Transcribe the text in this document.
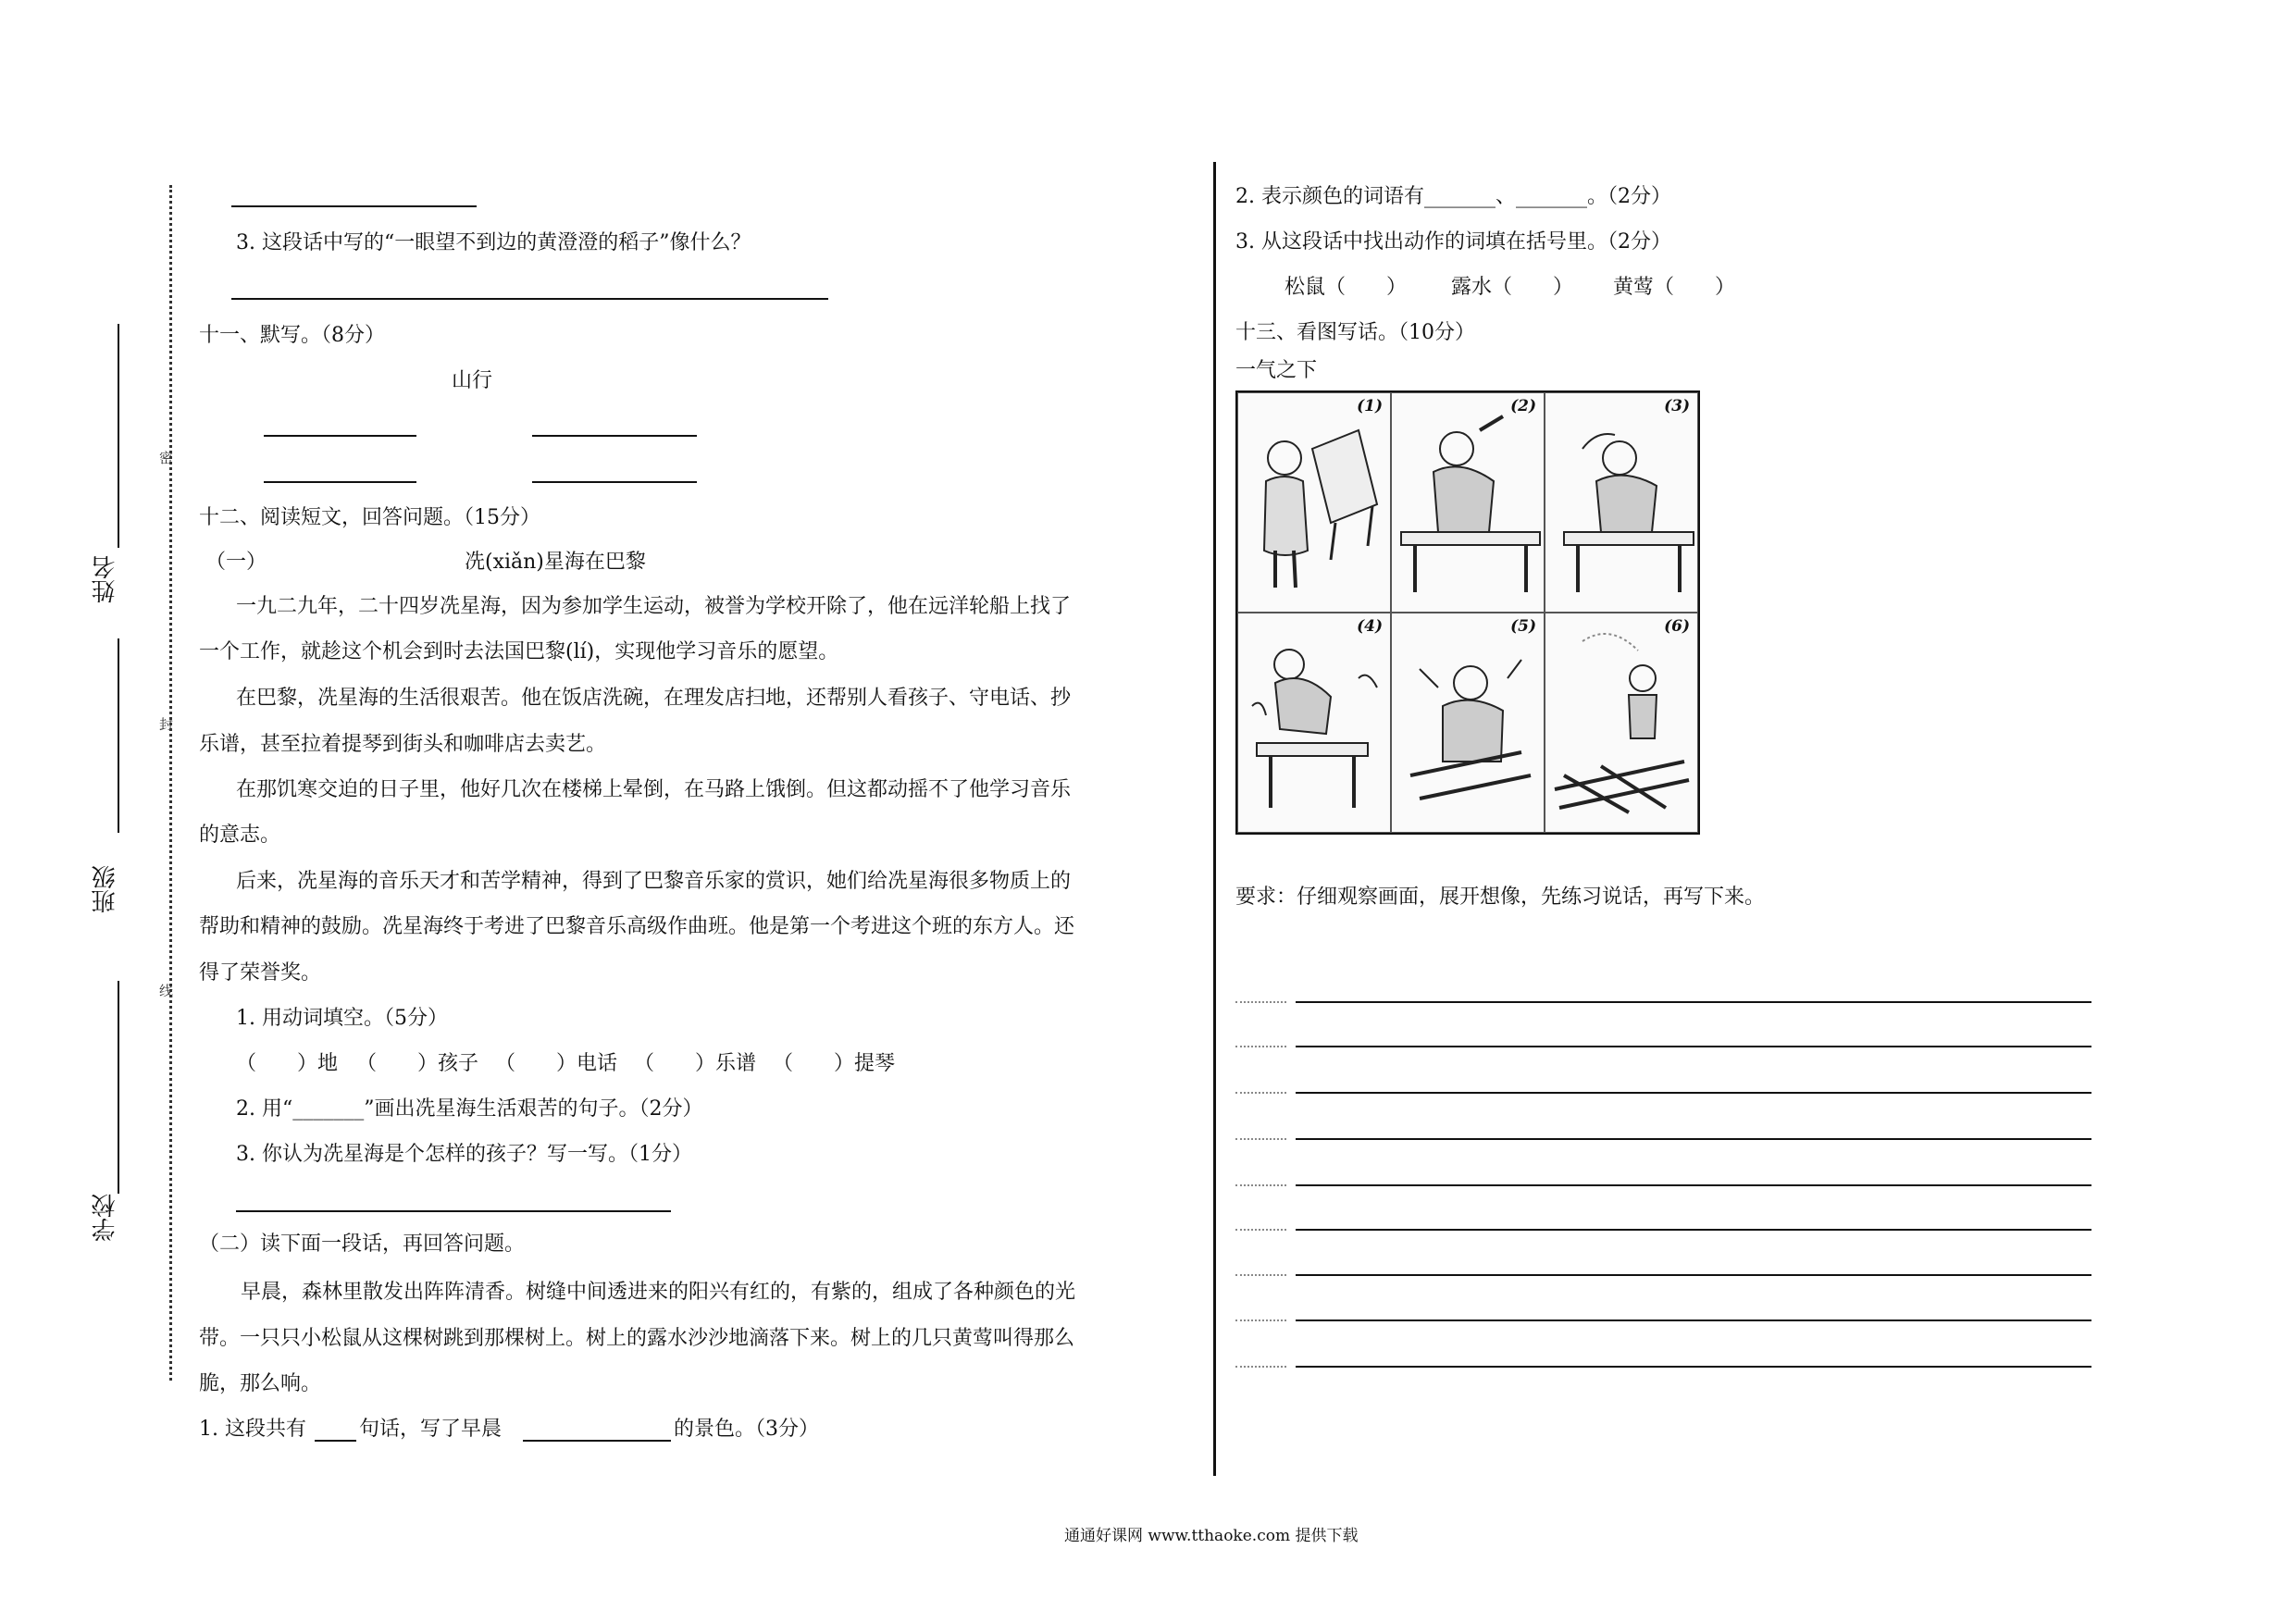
姓名
班级
学校
密
封
线
3. 这段话中写的“一眼望不到边的黄澄澄的稻子”像什么？
十一、默写。（8分）
山行
十二、阅读短文，回答问题。（15分）
（一）	冼(xiǎn)星海在巴黎
一九二九年，二十四岁冼星海，因为参加学生运动，被誉为学校开除了，他在远洋轮船上找了
一个工作，就趁这个机会到时去法国巴黎(lí)，实现他学习音乐的愿望。
在巴黎，冼星海的生活很艰苦。他在饭店洗碗，在理发店扫地，还帮别人看孩子、守电话、抄
乐谱，甚至拉着提琴到街头和咖啡店去卖艺。
在那饥寒交迫的日子里，他好几次在楼梯上晕倒，在马路上饿倒。但这都动摇不了他学习音乐
的意志。
后来，冼星海的音乐天才和苦学精神，得到了巴黎音乐家的赏识，她们给冼星海很多物质上的
帮助和精神的鼓励。冼星海终于考进了巴黎音乐高级作曲班。他是第一个考进这个班的东方人。还
得了荣誉奖。
1. 用动词填空。（5分）
（　　）地 （　　）孩子 （　　）电话 （　　）乐谱 （　　）提琴
2. 用“_______”画出冼星海生活艰苦的句子。（2分）
3. 你认为冼星海是个怎样的孩子？写一写。（1分）
（二）读下面一段话，再回答问题。
早晨，森林里散发出阵阵清香。树缝中间透进来的阳兴有红的，有紫的，组成了各种颜色的光
带。一只只小松鼠从这棵树跳到那棵树上。树上的露水沙沙地滴落下来。树上的几只黄莺叫得那么
脆，那么响。
1. 这段共有	句话，写了早晨	的景色。（3分）
2. 表示颜色的词语有_______、_______。（2分）
3. 从这段话中找出动作的词填在括号里。（2分）
松鼠（　　） 露水（　　） 黄莺（　　）
十三、看图写话。（10分）
一气之下
(1)	(2)	(3)
(4)	(5)	(6)
要求：仔细观察画面，展开想像，先练习说话，再写下来。
通通好课网 www.tthaoke.com 提供下载
